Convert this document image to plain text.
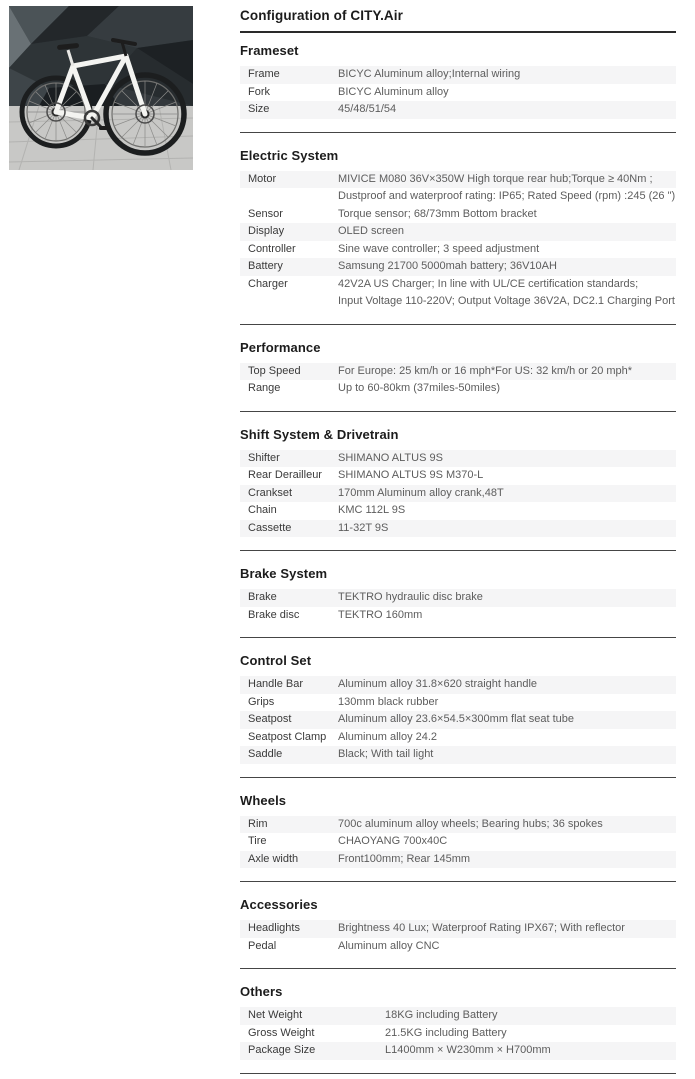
Configuration of CITY.Air
Frameset
Frame	BICYC Aluminum alloy;Internal wiring
Fork	BICYC Aluminum alloy
Size	45/48/51/54
Electric System
Motor	MIVICE M080 36V×350W High torque rear hub;Torque ≥ 40Nm ;
Dustproof and waterproof rating: IP65; Rated Speed (rpm) :245 (26 ")
Sensor	Torque sensor; 68/73mm Bottom bracket
Display	OLED screen
Controller	Sine wave controller; 3 speed adjustment
Battery	Samsung 21700 5000mah battery; 36V10AH
Charger	42V2A US Charger; In line with UL/CE certification standards;
Input Voltage 110-220V; Output Voltage 36V2A, DC2.1 Charging Port
Performance
Top Speed	For Europe: 25 km/h or 16 mph*For US: 32 km/h or 20 mph*
Range	Up to 60-80km (37miles-50miles)
Shift System & Drivetrain
Shifter	SHIMANO ALTUS 9S
Rear Derailleur	SHIMANO ALTUS 9S M370-L
Crankset	170mm Aluminum alloy crank,48T
Chain	KMC 112L 9S
Cassette	11-32T 9S
Brake System
Brake	TEKTRO hydraulic disc brake
Brake disc	TEKTRO 160mm
Control Set
Handle Bar	Aluminum alloy 31.8×620 straight handle
Grips	130mm black rubber
Seatpost	Aluminum alloy 23.6×54.5×300mm flat seat tube
Seatpost Clamp	Aluminum alloy 24.2
Saddle	Black; With tail light
Wheels
Rim	700c aluminum alloy wheels; Bearing hubs; 36 spokes
Tire	CHAOYANG 700x40C
Axle width	Front100mm; Rear 145mm
Accessories
Headlights	Brightness 40 Lux; Waterproof Rating IPX67; With reflector
Pedal	Aluminum alloy CNC
Others
Net Weight	18KG including Battery
Gross Weight	21.5KG including Battery
Package Size	L1400mm × W230mm × H700mm
